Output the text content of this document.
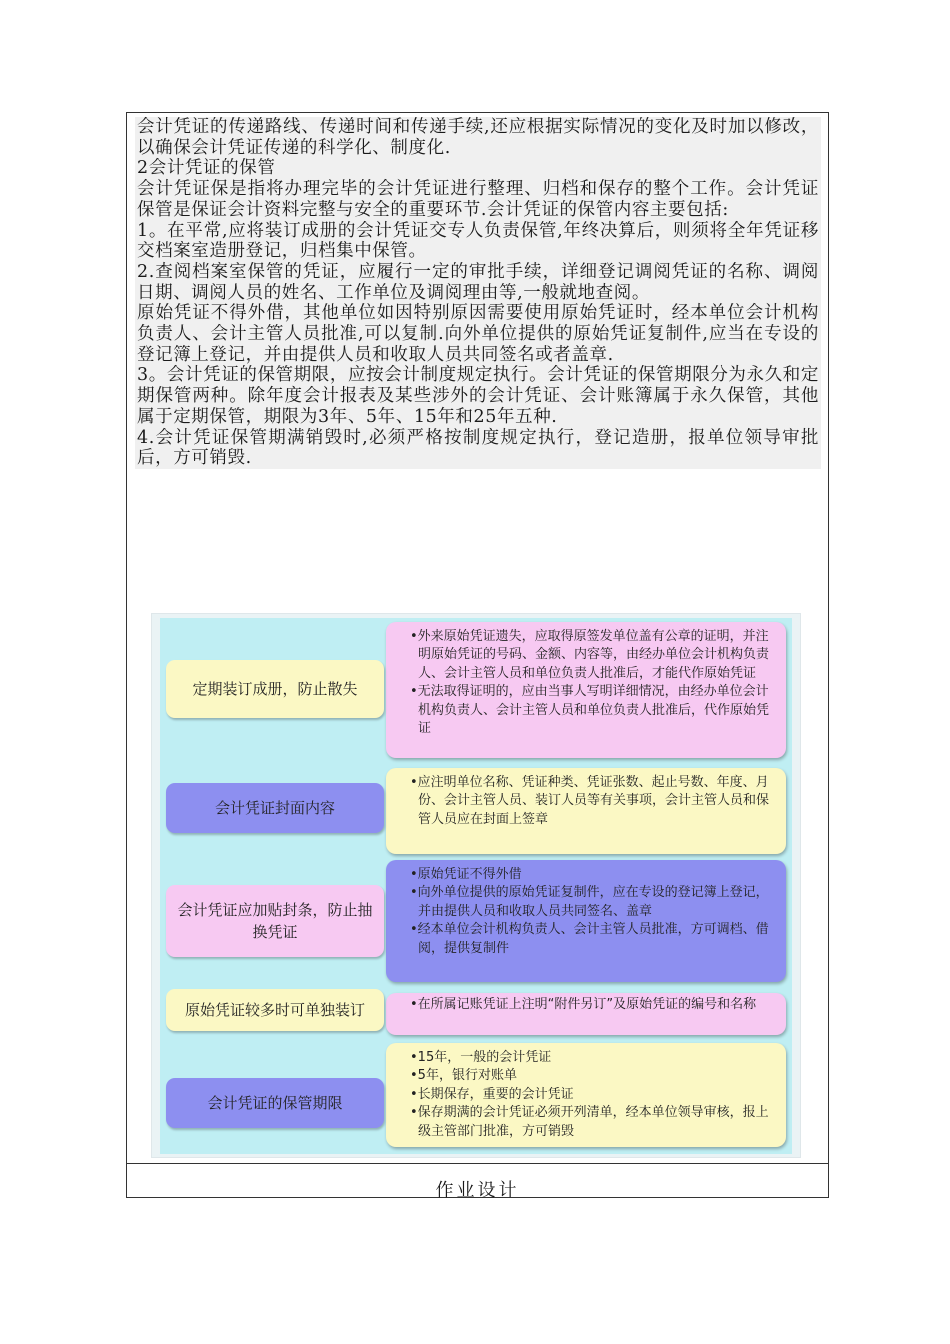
会计凭证的传递路线、传递时间和传递手续,还应根据实际情况的变化及时加以修改，以确保会计凭证传递的科学化、制度化.

2会计凭证的保管

会计凭证保是指将办理完毕的会计凭证进行整理、归档和保存的整个工作。会计凭证保管是保证会计资料完整与安全的重要环节.会计凭证的保管内容主要包括:

1。在平常,应将装订成册的会计凭证交专人负责保管,年终决算后，则须将全年凭证移交档案室造册登记，归档集中保管。

2.查阅档案室保管的凭证，应履行一定的审批手续，详细登记调阅凭证的名称、调阅日期、调阅人员的姓名、工作单位及调阅理由等,一般就地查阅。

原始凭证不得外借，其他单位如因特别原因需要使用原始凭证时，经本单位会计机构负责人、会计主管人员批准,可以复制.向外单位提供的原始凭证复制件,应当在专设的登记簿上登记，并由提供人员和收取人员共同签名或者盖章.

3。会计凭证的保管期限，应按会计制度规定执行。会计凭证的保管期限分为永久和定期保管两种。除年度会计报表及某些涉外的会计凭证、会计账簿属于永久保管，其他属于定期保管，期限为3年、5年、15年和25年五种.

4.会计凭证保管期满销毁时,必须严格按制度规定执行，登记造册，报单位领导审批后，方可销毁.

•外来原始凭证遗失，应取得原签发单位盖有公章的证明，并注明原始凭证的号码、金额、内容等，由经办单位会计机构负责人、会计主管人员和单位负责人批准后，才能代作原始凭证

•无法取得证明的，应由当事人写明详细情况，由经办单位会计机构负责人、会计主管人员和单位负责人批准后，代作原始凭证

定期装订成册，防止散失

•应注明单位名称、凭证种类、凭证张数、起止号数、年度、月份、会计主管人员、装订人员等有关事项，会计主管人员和保管人员应在封面上签章

会计凭证封面内容

•原始凭证不得外借

•向外单位提供的原始凭证复制件，应在专设的登记簿上登记，并由提供人员和收取人员共同签名、盖章

•经本单位会计机构负责人、会计主管人员批准，方可调档、借阅，提供复制件

会计凭证应加贴封条，防止抽换凭证

•在所属记账凭证上注明“附件另订”及原始凭证的编号和名称

原始凭证较多时可单独装订

•15年，一般的会计凭证

•5年，银行对账单

•长期保存，重要的会计凭证

•保存期满的会计凭证必须开列清单，经本单位领导审核，报上级主管部门批准，方可销毁

会计凭证的保管期限
作业设计
